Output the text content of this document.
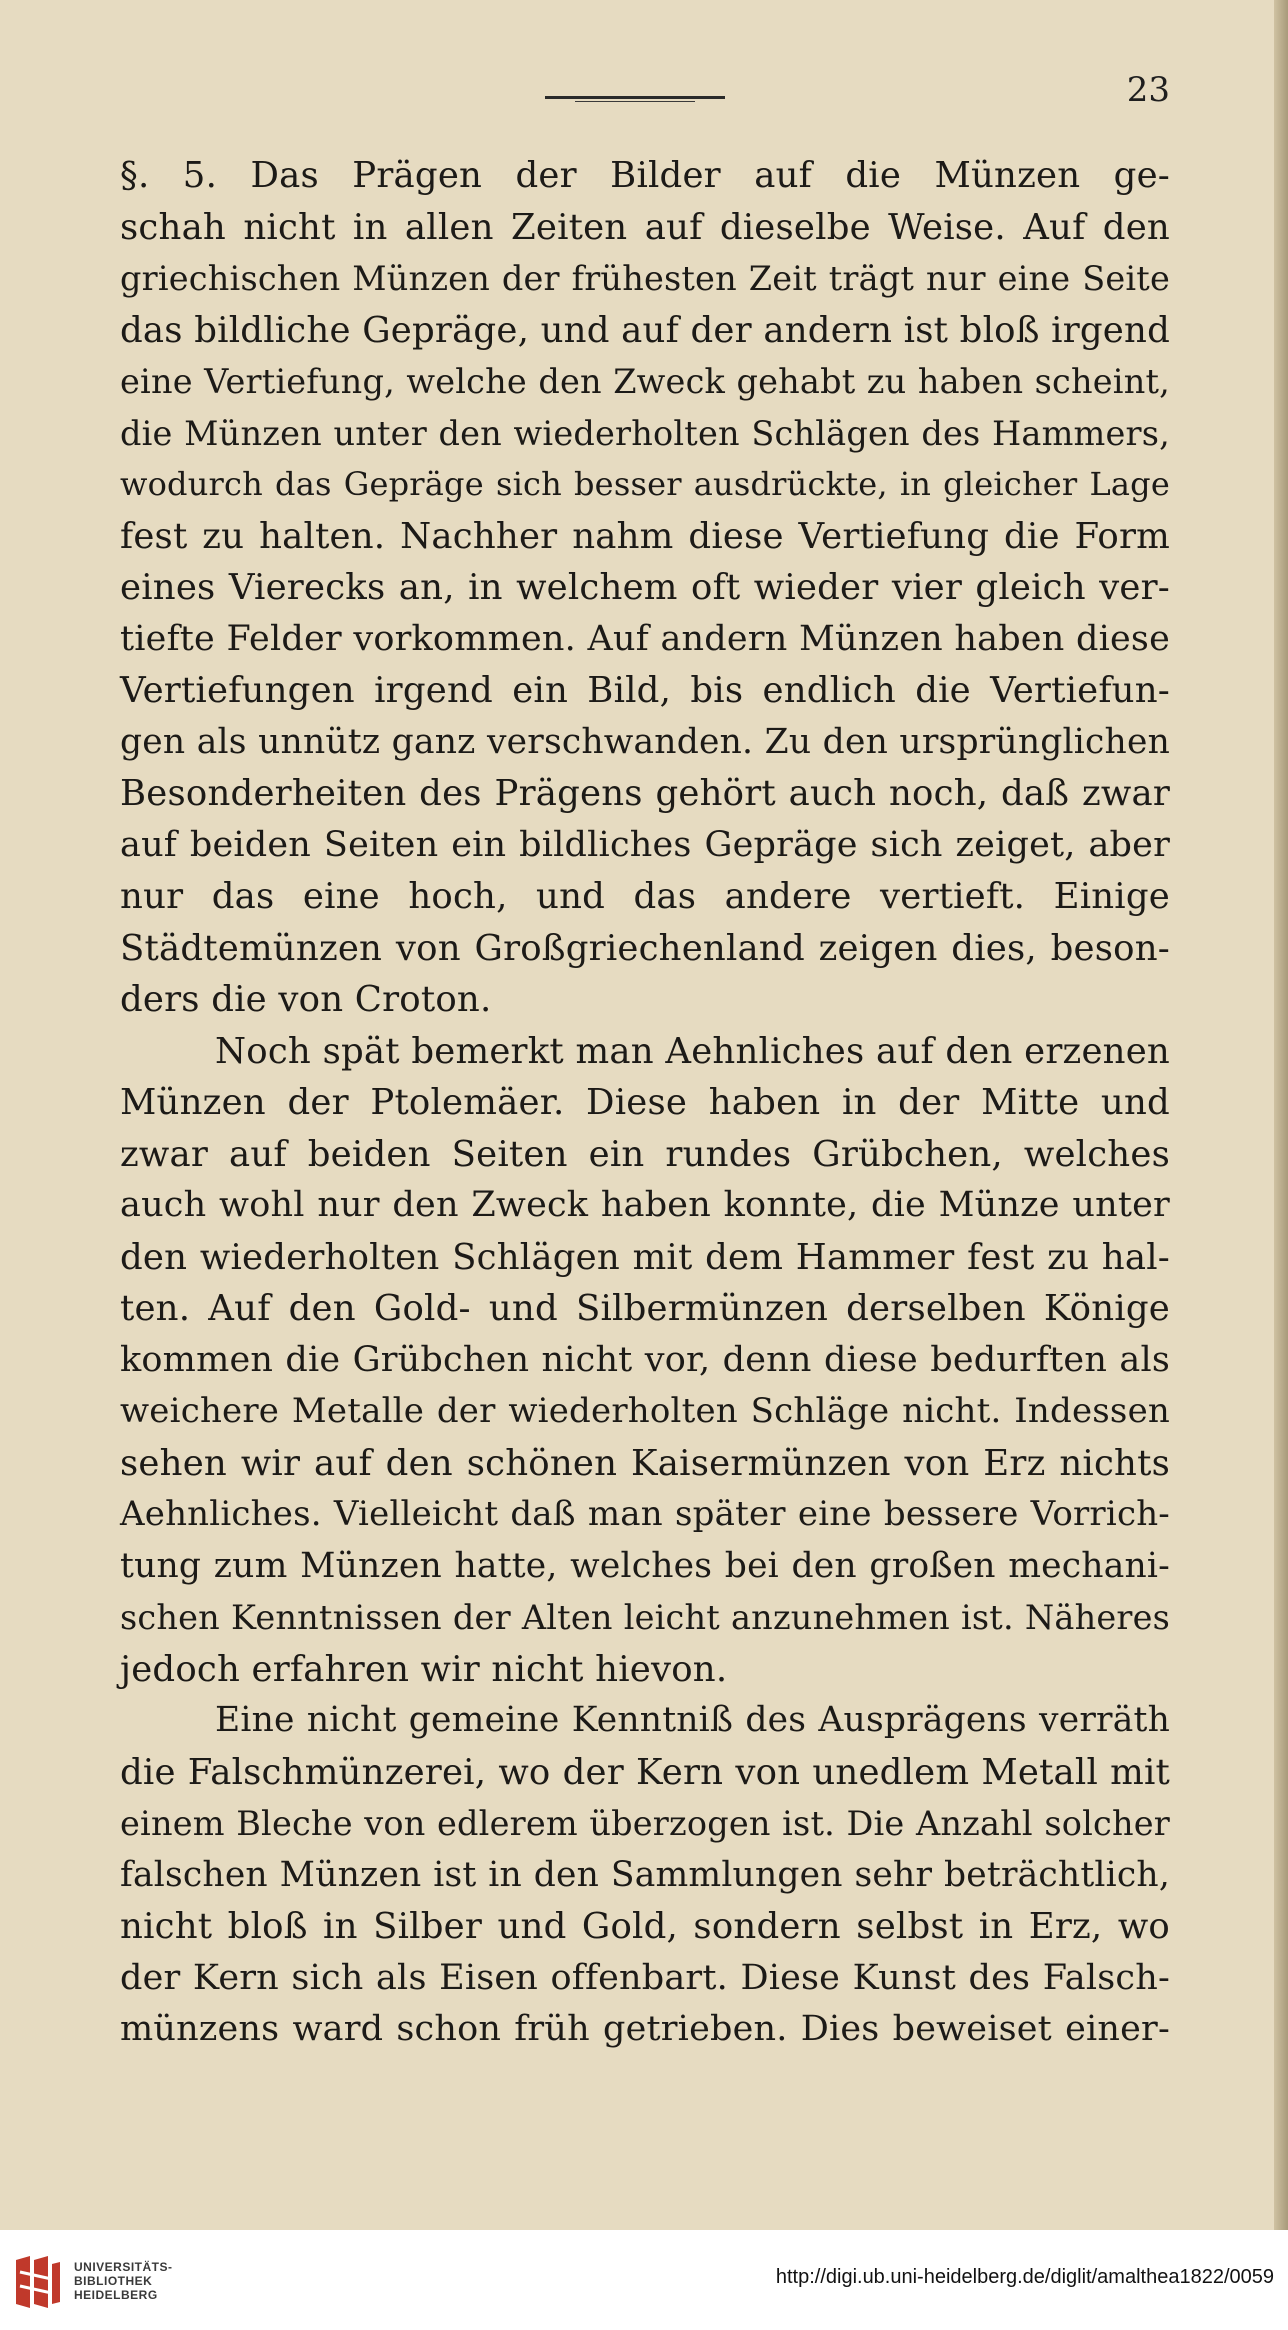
23
§. 5. Das Prägen der Bilder auf die Münzen ge-
schah nicht in allen Zeiten auf dieselbe Weise. Auf den
griechischen Münzen der frühesten Zeit trägt nur eine Seite
das bildliche Gepräge, und auf der andern ist bloß irgend
eine Vertiefung, welche den Zweck gehabt zu haben scheint,
die Münzen unter den wiederholten Schlägen des Hammers,
wodurch das Gepräge sich besser ausdrückte, in gleicher Lage
fest zu halten. Nachher nahm diese Vertiefung die Form
eines Vierecks an, in welchem oft wieder vier gleich ver-
tiefte Felder vorkommen. Auf andern Münzen haben diese
Vertiefungen irgend ein Bild, bis endlich die Vertiefun-
gen als unnütz ganz verschwanden. Zu den ursprünglichen
Besonderheiten des Prägens gehört auch noch, daß zwar
auf beiden Seiten ein bildliches Gepräge sich zeiget, aber
nur das eine hoch, und das andere vertieft. Einige
Städtemünzen von Großgriechenland zeigen dies, beson-
ders die von Croton.
Noch spät bemerkt man Aehnliches auf den erzenen
Münzen der Ptolemäer. Diese haben in der Mitte und
zwar auf beiden Seiten ein rundes Grübchen, welches
auch wohl nur den Zweck haben konnte, die Münze unter
den wiederholten Schlägen mit dem Hammer fest zu hal-
ten. Auf den Gold- und Silbermünzen derselben Könige
kommen die Grübchen nicht vor, denn diese bedurften als
weichere Metalle der wiederholten Schläge nicht. Indessen
sehen wir auf den schönen Kaisermünzen von Erz nichts
Aehnliches. Vielleicht daß man später eine bessere Vorrich-
tung zum Münzen hatte, welches bei den großen mechani-
schen Kenntnissen der Alten leicht anzunehmen ist. Näheres
jedoch erfahren wir nicht hievon.
Eine nicht gemeine Kenntniß des Ausprägens verräth
die Falschmünzerei, wo der Kern von unedlem Metall mit
einem Bleche von edlerem überzogen ist. Die Anzahl solcher
falschen Münzen ist in den Sammlungen sehr beträchtlich,
nicht bloß in Silber und Gold, sondern selbst in Erz, wo
der Kern sich als Eisen offenbart. Diese Kunst des Falsch-
münzens ward schon früh getrieben. Dies beweiset einer-
UNIVERSITÄTS-
BIBLIOTHEK
HEIDELBERG
http://digi.ub.uni-heidelberg.de/diglit/amalthea1822/0059
